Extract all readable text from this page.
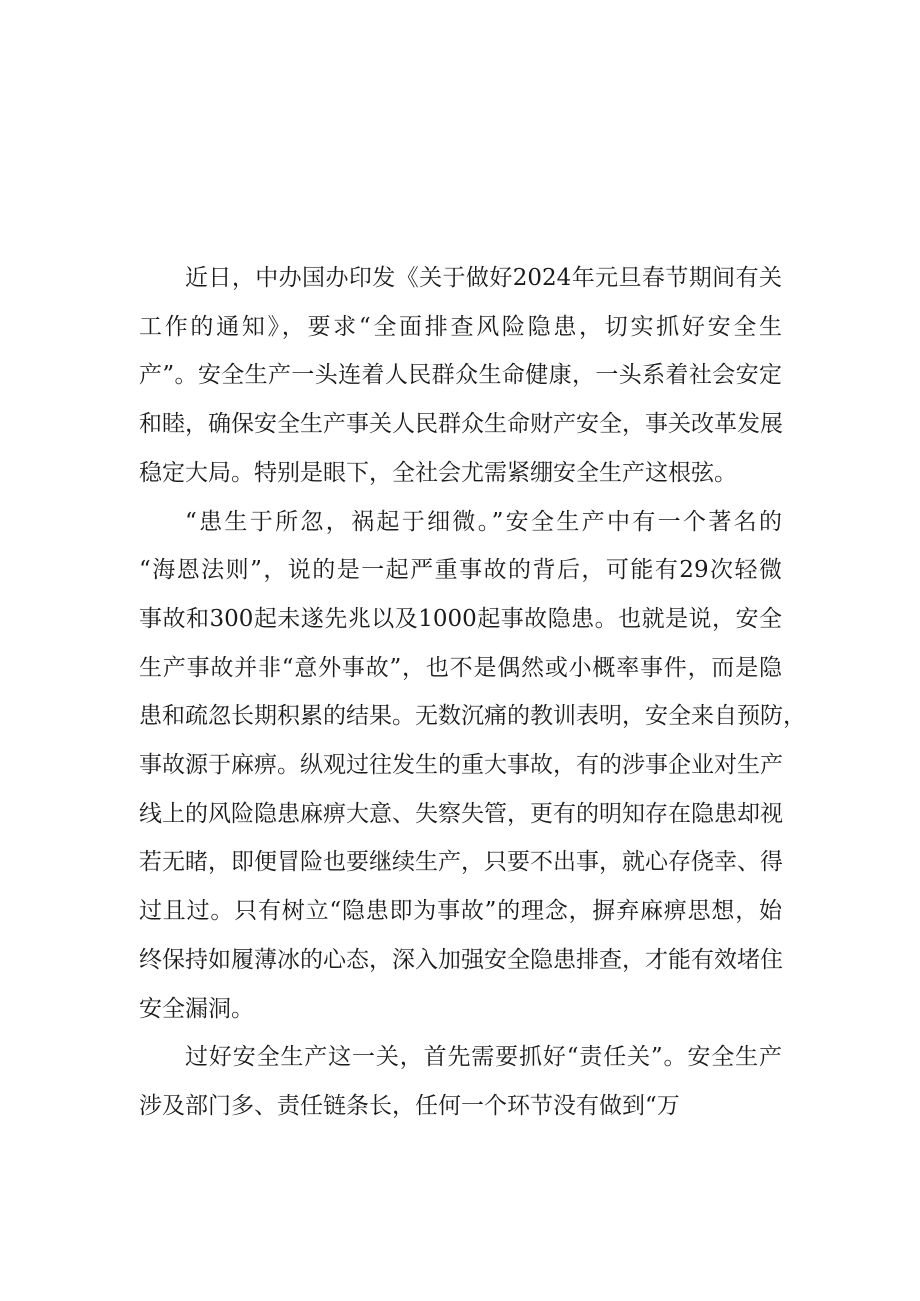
近日，中办国办印发《关于做好2024年元旦春节期间有关
工作的通知》，要求“全面排查风险隐患，切实抓好安全生
产”。安全生产一头连着人民群众生命健康，一头系着社会安定
和睦，确保安全生产事关人民群众生命财产安全，事关改革发展
稳定大局。特别是眼下，全社会尤需紧绷安全生产这根弦。
“患生于所忽，祸起于细微。”安全生产中有一个著名的
“海恩法则”，说的是一起严重事故的背后，可能有29次轻微
事故和300起未遂先兆以及1000起事故隐患。也就是说，安全
生产事故并非“意外事故”，也不是偶然或小概率事件，而是隐
患和疏忽长期积累的结果。无数沉痛的教训表明，安全来自预防，
事故源于麻痹。纵观过往发生的重大事故，有的涉事企业对生产
线上的风险隐患麻痹大意、失察失管，更有的明知存在隐患却视
若无睹，即便冒险也要继续生产，只要不出事，就心存侥幸、得
过且过。只有树立“隐患即为事故”的理念，摒弃麻痹思想，始
终保持如履薄冰的心态，深入加强安全隐患排查，才能有效堵住
安全漏洞。
过好安全生产这一关，首先需要抓好“责任关”。安全生产
涉及部门多、责任链条长，任何一个环节没有做到“万
